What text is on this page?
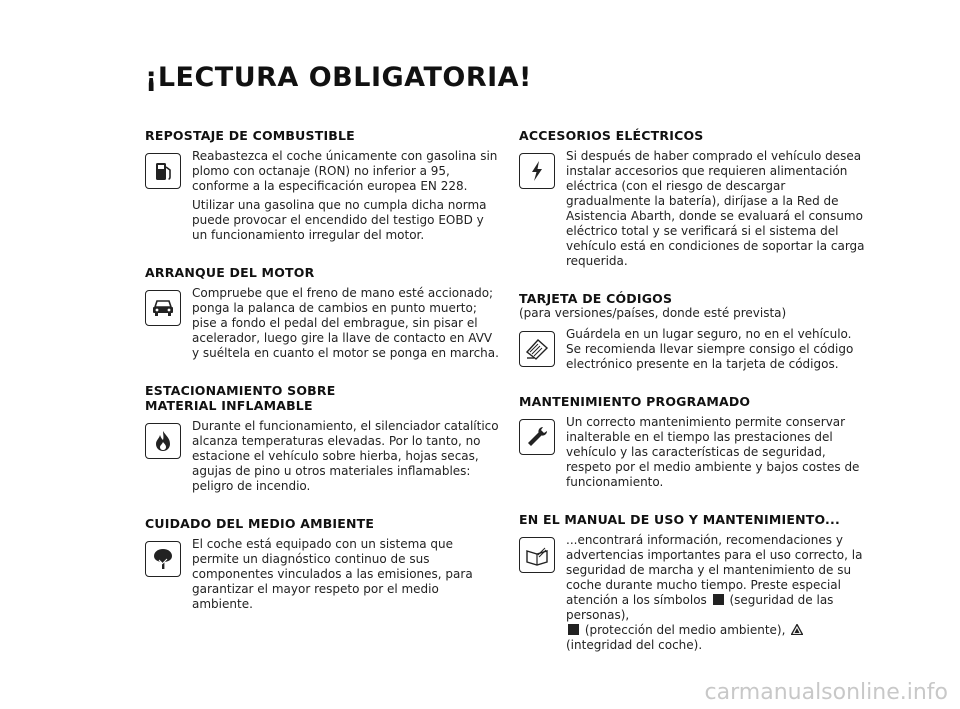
¡LECTURA OBLIGATORIA!
REPOSTAJE DE COMBUSTIBLE

Reabastezca el coche únicamente con gasolina sin plomo con octanaje (RON) no inferior a 95, conforme a la especificación europea EN 228.

Utilizar una gasolina que no cumpla dicha norma puede provocar el encendido del testigo EOBD y un funcionamiento irregular del motor.

ARRANQUE DEL MOTOR

Compruebe que el freno de mano esté accionado; ponga la palanca de cambios en punto muerto; pise a fondo el pedal del embrague, sin pisar el acelerador, luego gire la llave de contacto en AVV y suéltela en cuanto el motor se ponga en marcha.

ESTACIONAMIENTO SOBRE
MATERIAL INFLAMABLE

Durante el funcionamiento, el silenciador catalítico alcanza temperaturas elevadas. Por lo tanto, no estacione el vehículo sobre hierba, hojas secas, agujas de pino u otros materiales inflamables: peligro de incendio.

CUIDADO DEL MEDIO AMBIENTE

El coche está equipado con un sistema que permite un diagnóstico continuo de sus componentes vinculados a las emisiones, para garantizar el mayor respeto por el medio ambiente.

ACCESORIOS ELÉCTRICOS

Si después de haber comprado el vehículo desea instalar accesorios que requieren alimentación eléctrica (con el riesgo de descargar gradualmente la batería), diríjase a la Red de Asistencia Abarth, donde se evaluará el consumo eléctrico total y se verificará si el sistema del vehículo está en condiciones de soportar la carga requerida.

TARJETA DE CÓDIGOS
(para versiones/países, donde esté prevista)

Guárdela en un lugar seguro, no en el vehículo. Se recomienda llevar siempre consigo el código electrónico presente en la tarjeta de códigos.

MANTENIMIENTO PROGRAMADO

Un correcto mantenimiento permite conservar inalterable en el tiempo las prestaciones del vehículo y las características de seguridad, respeto por el medio ambiente y bajos costes de funcionamiento.

EN EL MANUAL DE USO Y MANTENIMIENTO...

...encontrará información, recomendaciones y advertencias importantes para el uso correcto, la seguridad de marcha y el mantenimiento de su coche durante mucho tiempo. Preste especial atención a los símbolos (seguridad de las personas),
(protección del medio ambiente),  (integridad del coche).

carmanualsonline.info
